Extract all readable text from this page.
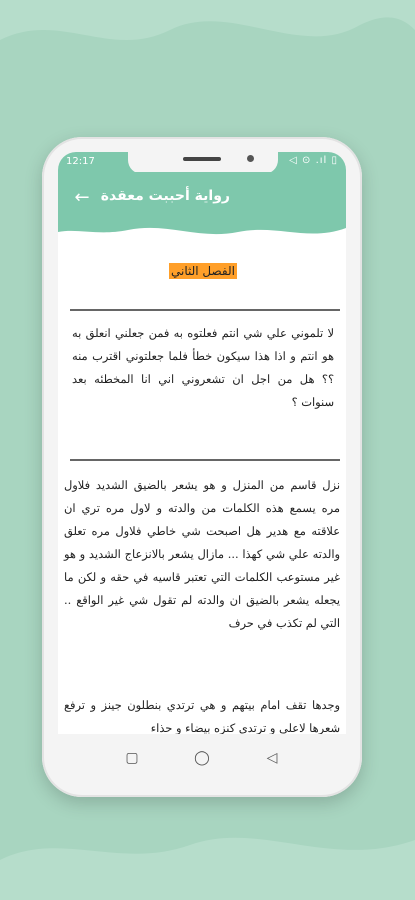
12:17	◁ ⊙ .ıl ▯
← رواية أحببت معقدة
الفصل الثاني
لا تلموني علي شي انتم فعلتوه به فمن جعلني انعلق به هو انتم و اذا هذا سيكون خطأ فلما جعلتوني اقترب منه ؟؟ هل من اجل ان تشعروني اني انا المخطئه بعد سنوات ؟
نزل قاسم من المنزل و هو يشعر بالضيق الشديد فلاول مره يسمع هذه الكلمات من والدته و لاول مره تري ان علاقته مع هدير هل اصبحت شي خاطي فلاول مره تعلق والدته علي شي كهذا ... مازال يشعر بالانزعاج الشديد و هو غير مستوعب الكلمات التي تعتبر قاسيه في حقه و لكن ما يجعله يشعر بالضيق ان والدته لم تقول شي غير الواقع .. التي لم تكذب في حرف
وجدها تقف امام بيتهم و هي ترتدي بنطلون جينز و ترفع شعرها لاعلي و ترتدي كنزه بيضاء و حذاء
▢	◯	◁
